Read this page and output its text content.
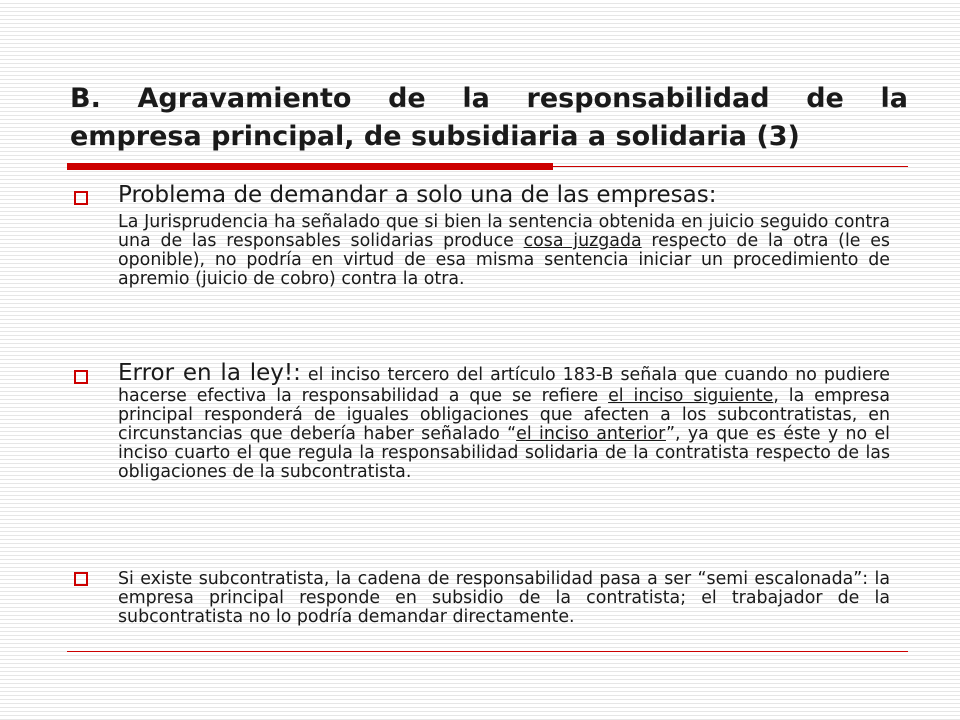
B. Agravamiento de la responsabilidad de la
empresa principal, de subsidiaria a solidaria (3)
Problema de demandar a solo una de las empresas:
La Jurisprudencia ha señalado que si bien la sentencia obtenida en juicio seguido contra una de las responsables solidarias produce cosa juzgada respecto de la otra (le es oponible), no podría en virtud de esa misma sentencia iniciar un procedimiento de apremio (juicio de cobro) contra la otra.
Error en la ley!: el inciso tercero del artículo 183-B señala que cuando no pudiere hacerse efectiva la responsabilidad a que se refiere el inciso siguiente, la empresa principal responderá de iguales obligaciones que afecten a los subcontratistas, en circunstancias que debería haber señalado “el inciso anterior”, ya que es éste y no el inciso cuarto el que regula la responsabilidad solidaria de la contratista respecto de las obligaciones de la subcontratista.
Si existe subcontratista, la cadena de responsabilidad pasa a ser “semi escalonada”: la empresa principal responde en subsidio de la contratista; el trabajador de la subcontratista no lo podría demandar directamente.
